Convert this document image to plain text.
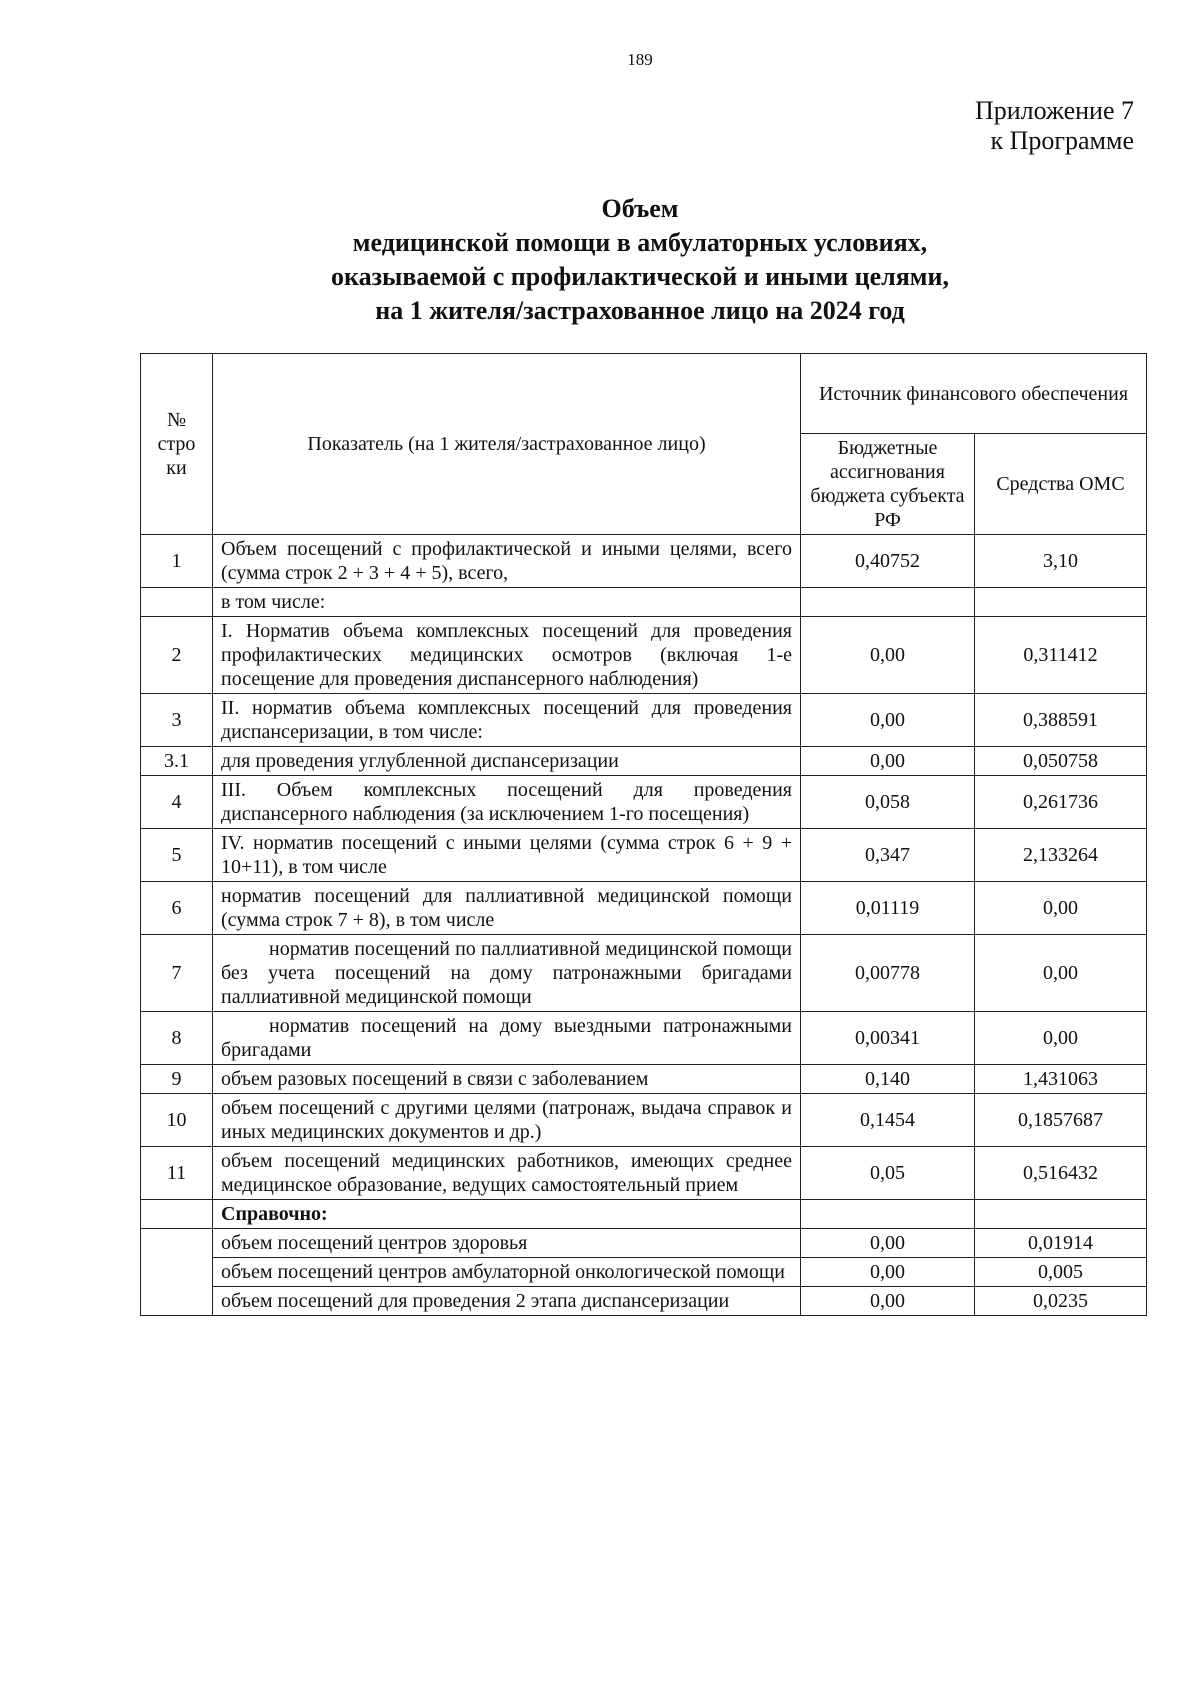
189
Приложение 7
к Программе
Объем
медицинской помощи в амбулаторных условиях,
оказываемой с профилактической и иными целями,
на 1 жителя/застрахованное лицо на 2024 год
№ стро ки	Показатель (на 1 жителя/застрахованное лицо)	Источник финансового обеспечения	
		Бюджетные ассигнования бюджета субъекта РФ	Средства ОМС
1	Объем посещений с профилактической и иными целями, всего (сумма строк 2 + 3 + 4 + 5), всего,	0,40752	3,10
	в том числе:		
2	I. Норматив объема комплексных посещений для проведения профилактических медицинских осмотров (включая 1-е посещение для проведения диспансерного наблюдения)	0,00	0,311412
3	II. норматив объема комплексных посещений для проведения диспансеризации, в том числе:	0,00	0,388591
3.1	для проведения углубленной диспансеризации	0,00	0,050758
4	III. Объем комплексных посещений для проведения диспансерного наблюдения (за исключением 1-го посещения)	0,058	0,261736
5	IV. норматив посещений с иными целями (сумма строк 6 + 9 + 10+11), в том числе	0,347	2,133264
6	норматив посещений для паллиативной медицинской помощи (сумма строк 7 + 8), в том числе	0,01119	0,00
7	норматив посещений по паллиативной медицинской помощи без учета посещений на дому патронажными бригадами паллиативной медицинской помощи	0,00778	0,00
8	норматив посещений на дому выездными патронажными бригадами	0,00341	0,00
9	объем разовых посещений в связи с заболеванием	0,140	1,431063
10	объем посещений с другими целями (патронаж, выдача справок и иных медицинских документов и др.)	0,1454	0,1857687
11	объем посещений медицинских работников, имеющих среднее медицинское образование, ведущих самостоятельный прием	0,05	0,516432
	Справочно:		
	объем посещений центров здоровья	0,00	0,01914
	объем посещений центров амбулаторной онкологической помощи	0,00	0,005
	объем посещений для проведения 2 этапа диспансеризации	0,00	0,0235
